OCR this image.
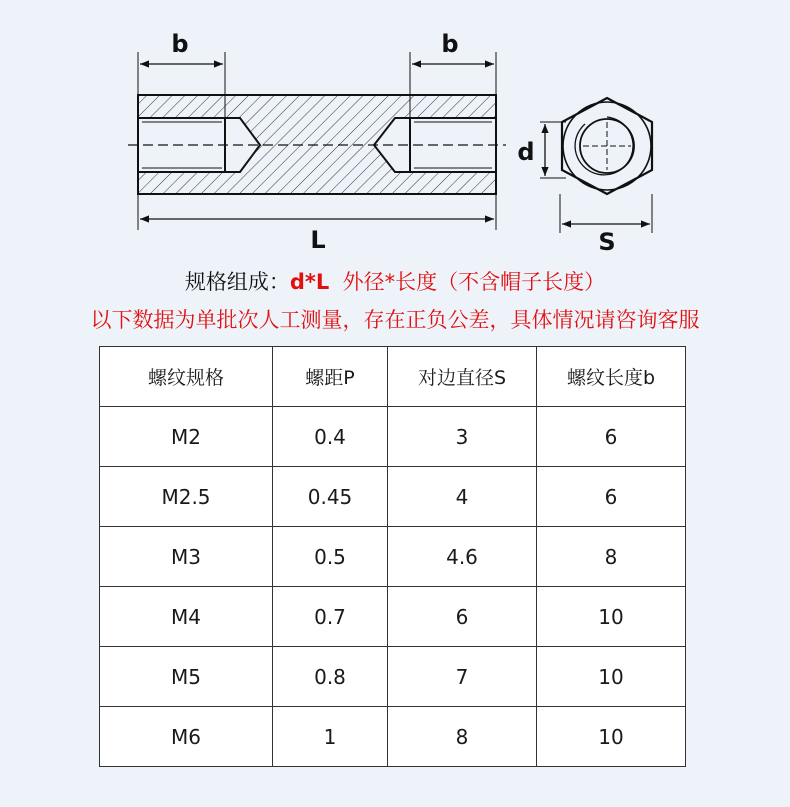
b	b
L
d
S
规格组成：d*L 外径*长度（不含帽子长度）
以下数据为单批次人工测量，存在正负公差，具体情况请咨询客服
螺纹规格	螺距P	对边直径S	螺纹长度b
M2	0.4	3	6
M2.5	0.45	4	6
M3	0.5	4.6	8
M4	0.7	6	10
M5	0.8	7	10
M6	1	8	10
